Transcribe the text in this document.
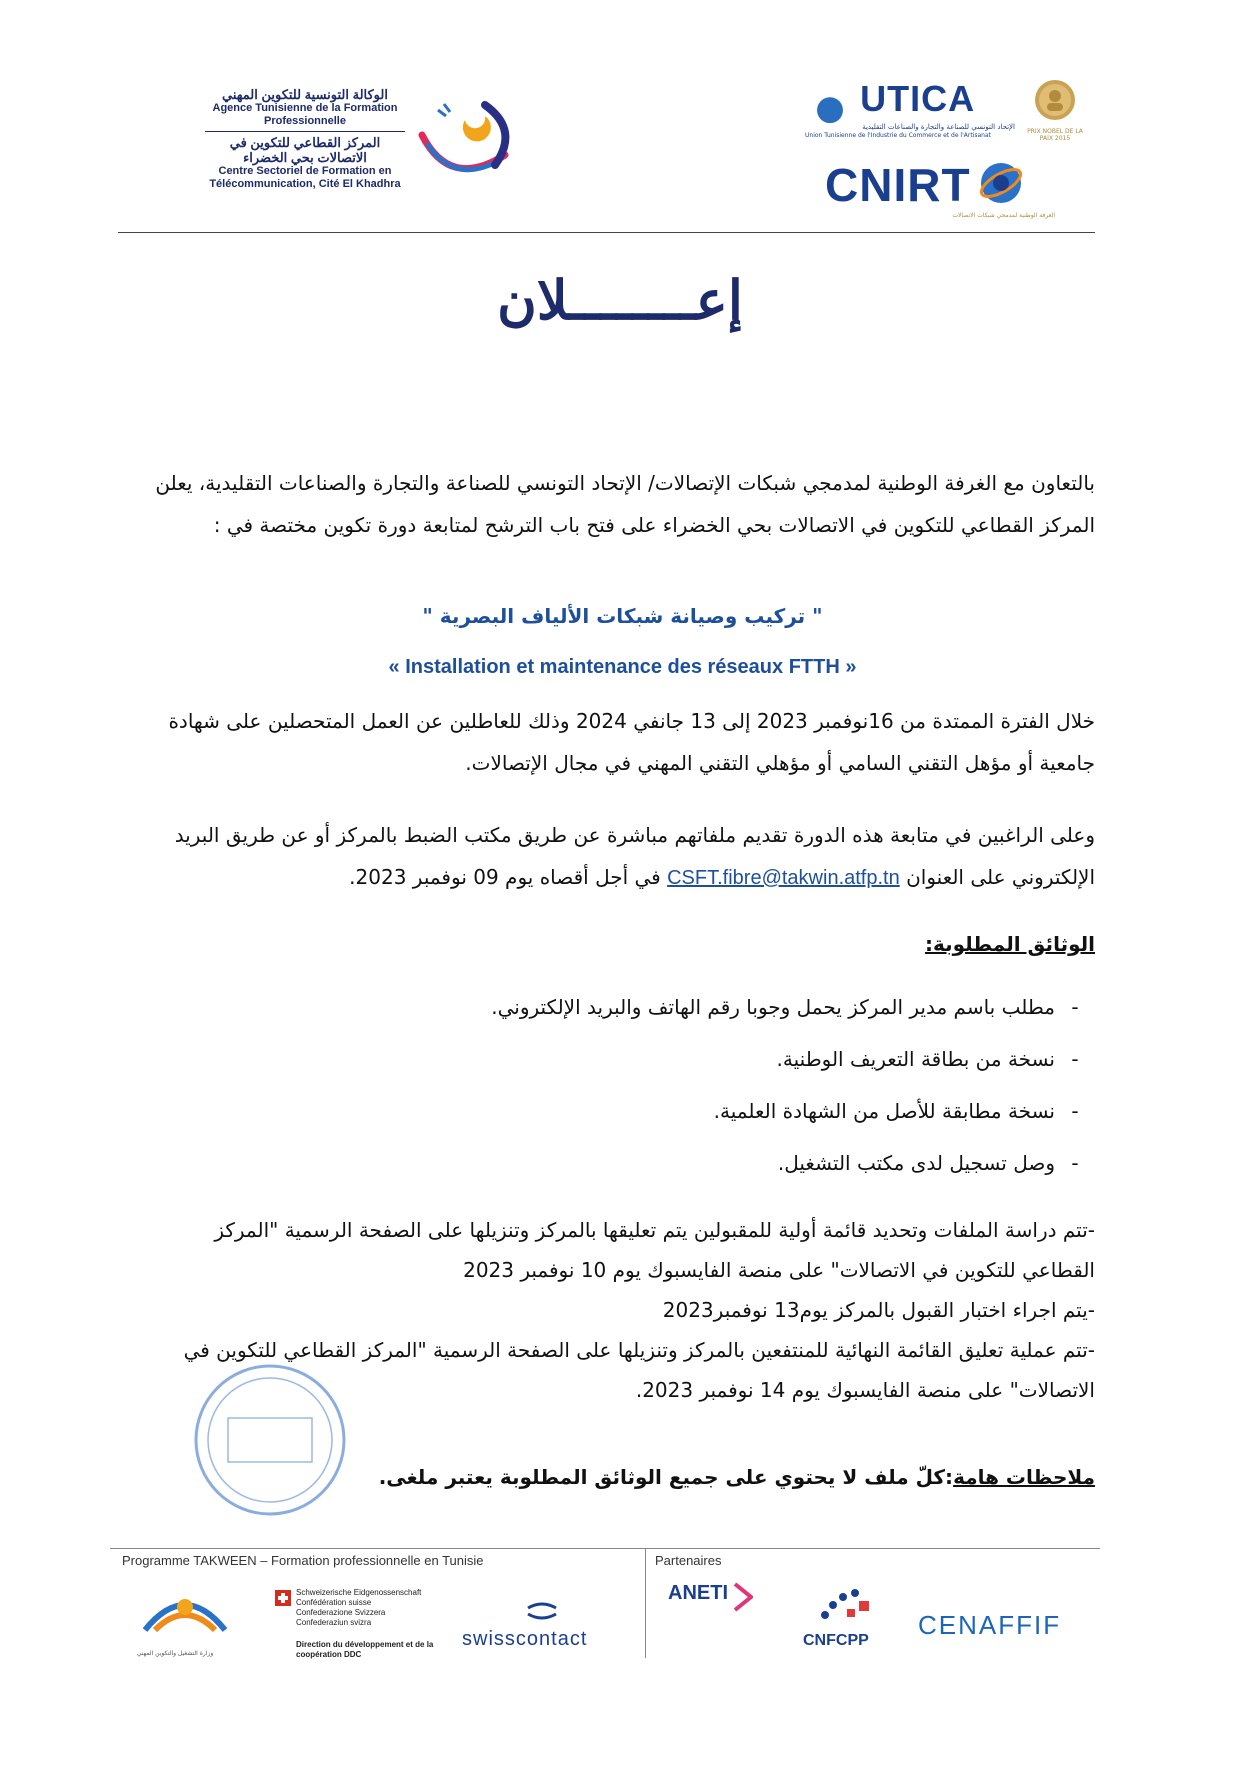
الوكالة التونسية للتكوين المهني
Agence Tunisienne de la Formation Professionnelle
المركز القطاعي للتكوين في الاتصالات بحي الخضراء
Centre Sectoriel de Formation en Télécommunication, Cité El Khadhra
UTICA
الإتحاد التونسي للصناعة والتجارة والصناعات التقليدية
Union Tunisienne de l'Industrie du Commerce et de l'Artisanat	PRIX NOBEL DE LA PAIX 2015
CNIRT
الغرفة الوطنية لمدمجي شبكات الاتصالات
إعــــــــلان
بالتعاون مع الغرفة الوطنية لمدمجي شبكات الإتصالات/ الإتحاد التونسي للصناعة والتجارة والصناعات التقليدية، يعلن المركز القطاعي للتكوين في الاتصالات بحي الخضراء على فتح باب الترشح لمتابعة دورة تكوين مختصة في :
" تركيب وصيانة شبكات الألياف البصرية "
« Installation et maintenance des réseaux FTTH »
خلال الفترة الممتدة من 16نوفمبر 2023 إلى 13 جانفي 2024 وذلك للعاطلين عن العمل المتحصلين على شهادة جامعية أو مؤهل التقني السامي أو مؤهلي التقني المهني في مجال الإتصالات.
وعلى الراغبين في متابعة هذه الدورة تقديم ملفاتهم مباشرة عن طريق مكتب الضبط بالمركز أو عن طريق البريد الإلكتروني على العنوان CSFT.fibre@takwin.atfp.tn في أجل أقصاه يوم 09 نوفمبر 2023.
الوثائق المطلوبة:
-مطلب باسم مدير المركز يحمل وجوبا رقم الهاتف والبريد الإلكتروني.
-نسخة من بطاقة التعريف الوطنية.
-نسخة مطابقة للأصل من الشهادة العلمية.
-وصل تسجيل لدى مكتب التشغيل.
-تتم دراسة الملفات وتحديد قائمة أولية للمقبولين يتم تعليقها بالمركز وتنزيلها على الصفحة الرسمية "المركز القطاعي للتكوين في الاتصالات" على منصة الفايسبوك يوم 10 نوفمبر 2023
-يتم اجراء اختبار القبول بالمركز يوم13 نوفمبر2023
-تتم عملية تعليق القائمة النهائية للمنتفعين بالمركز وتنزيلها على الصفحة الرسمية "المركز القطاعي للتكوين في الاتصالات" على منصة الفايسبوك يوم 14 نوفمبر 2023.
ملاحظات هامة:كلّ ملف لا يحتوي على جميع الوثائق المطلوبة يعتبر ملغى.
Programme TAKWEEN – Formation professionnelle en Tunisie	Partenaires
وزارة التشغيل والتكوين المهني
Schweizerische Eidgenossenschaft
Confédération suisse
Confederazione Svizzera
Confederaziun svizra
Direction du développement et de la coopération DDC
swisscontact
ANETI
CNFCPP
CENAFFIF
